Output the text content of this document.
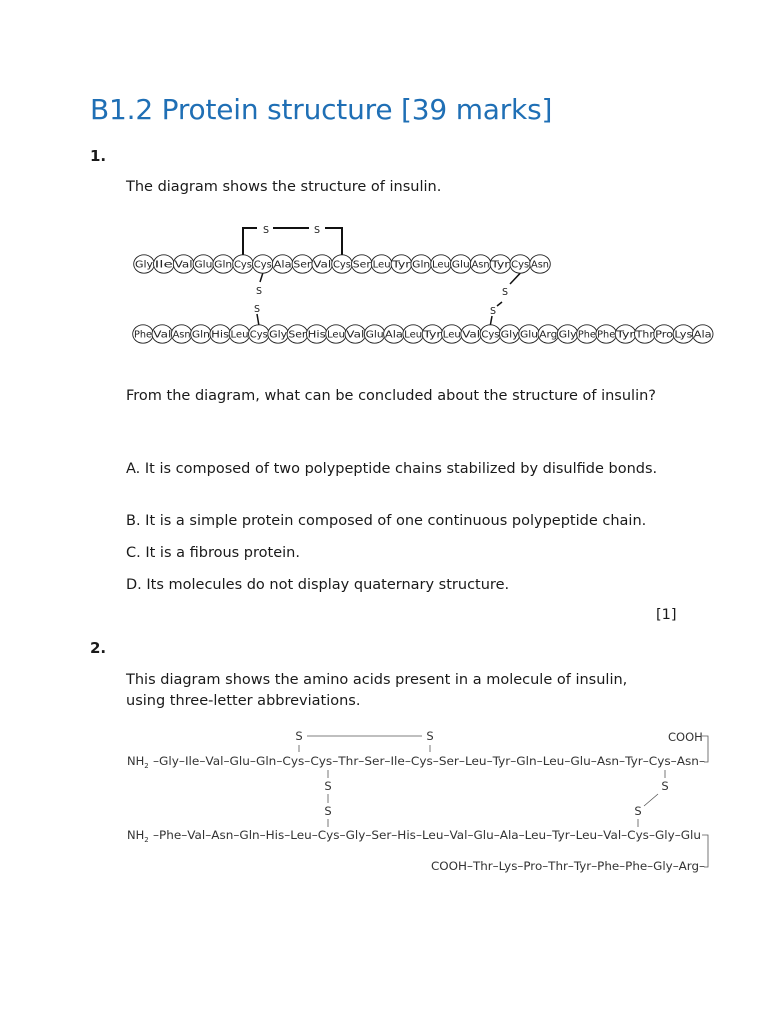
B1.2 Protein structure [39 marks]
1.
The diagram shows the structure of insulin.
S	S
S
S
S
S
Gly Ile Val Glu Gln Cys Cys Ala Ser Val Cys Ser Leu Tyr Gln Leu Glu Asn Tyr Cys Asn
Phe Val Asn Gln His Leu Cys Gly Ser His Leu Val Glu Ala Leu Tyr Leu Val Cys Gly Glu Arg Gly Phe Phe Tyr Thr Pro Lys Ala
From the diagram, what can be concluded about the structure of insulin?
A. It is composed of two polypeptide chains stabilized by disulfide bonds.
B. It is a simple protein composed of one continuous polypeptide chain.
C. It is a fibrous protein.
D. Its molecules do not display quaternary structure.
[1]
2.
This diagram shows the amino acids present in a molecule of insulin, using three-letter abbreviations.
S	S	COOH
$NH_2$ –Gly–Ile–Val–Glu–Gln–Cys–Cys–Thr–Ser–Ile–Cys–Ser–Leu–Tyr–Gln–Leu–Glu–Asn–Tyr–Cys–Asn–
S
S
S
S
$NH_2$ –Phe–Val–Asn–Gln–His–Leu–Cys–Gly–Ser–His–Leu–Val–Glu–Ala–Leu–Tyr–Leu–Val–Cys–Gly–Glu
COOH–Thr–Lys–Pro–Thr–Tyr–Phe–Phe–Gly–Arg–
